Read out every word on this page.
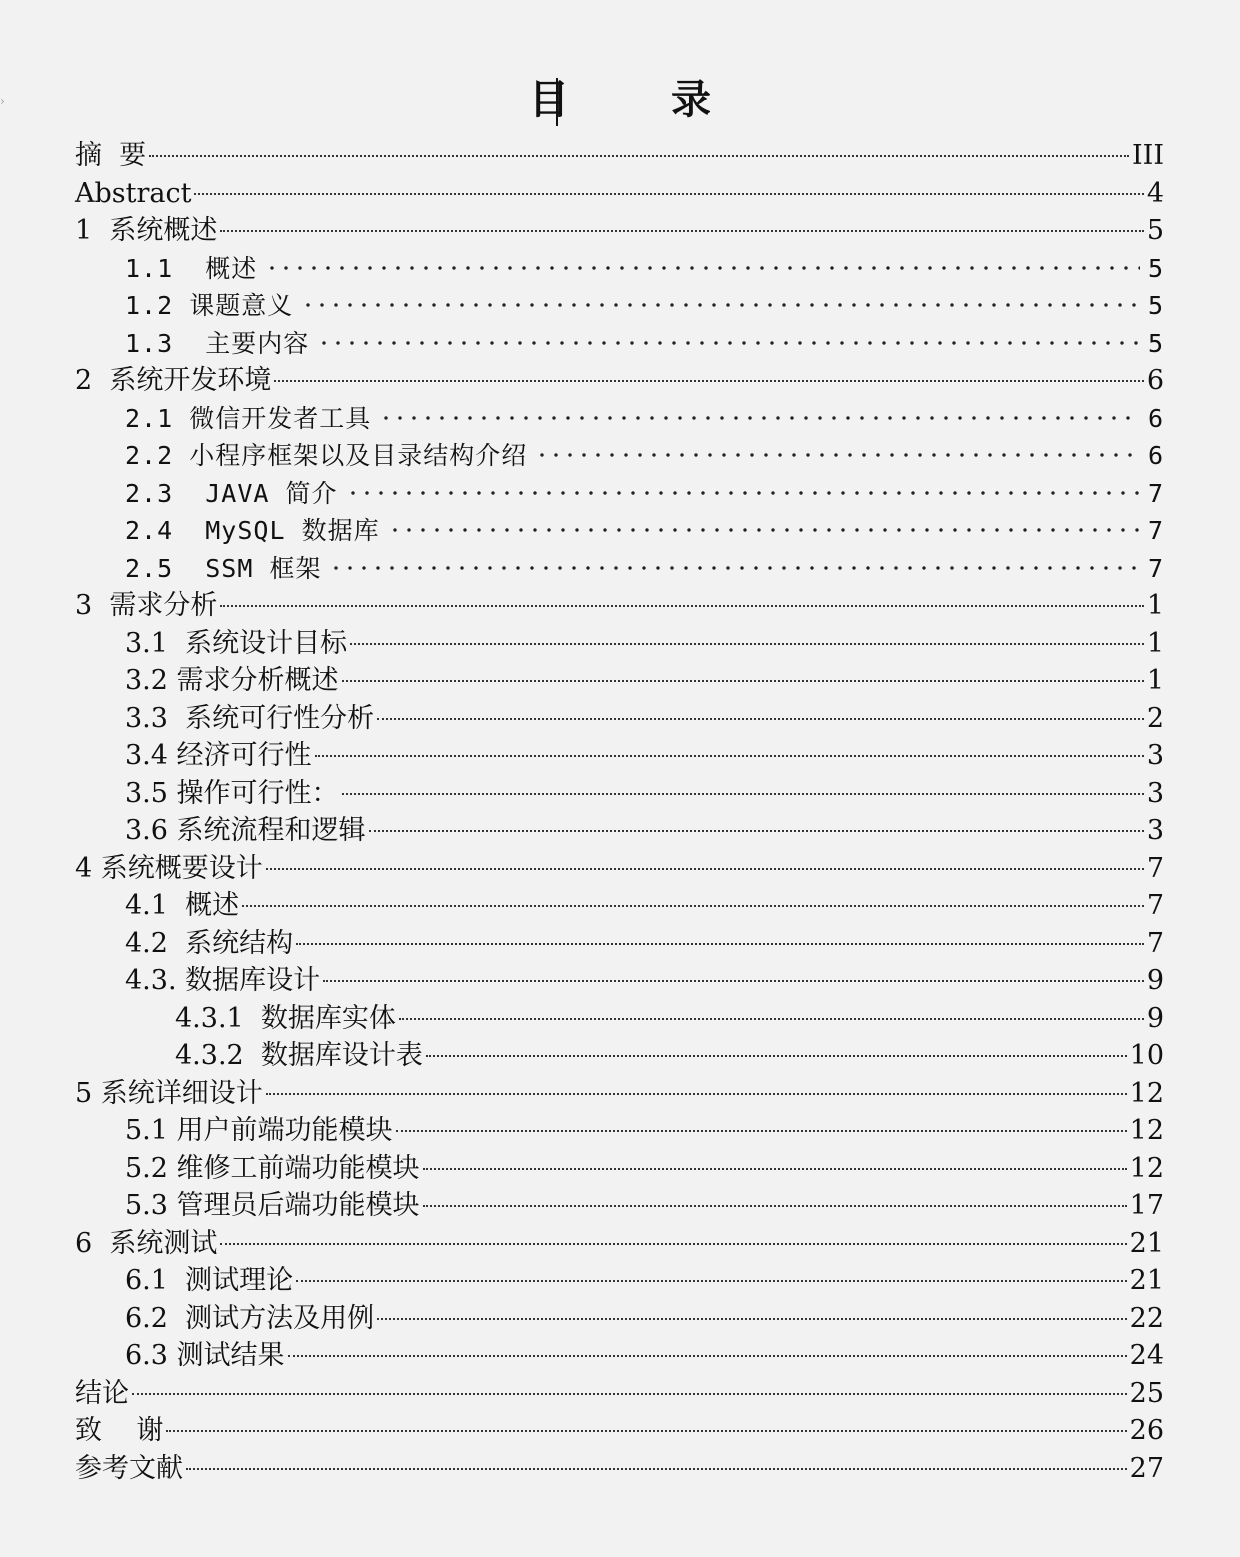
›	目 录
摘  要	III
Abstract	4
1  系统概述	5
1.1  概述	5
1.2 课题意义	5
1.3  主要内容	5
2  系统开发环境	6
2.1 微信开发者工具	6
2.2 小程序框架以及目录结构介绍	6
2.3  JAVA 简介	7
2.4  MySQL 数据库	7
2.5  SSM 框架	7
3  需求分析	1
3.1  系统设计目标	1
3.2 需求分析概述	1
3.3  系统可行性分析	2
3.4 经济可行性	3
3.5 操作可行性：	3
3.6 系统流程和逻辑	3
4 系统概要设计	7
4.1  概述	7
4.2  系统结构	7
4.3. 数据库设计	9
4.3.1  数据库实体	9
4.3.2  数据库设计表	10
5 系统详细设计	12
5.1 用户前端功能模块	12
5.2 维修工前端功能模块	12
5.3 管理员后端功能模块	17
6  系统测试	21
6.1  测试理论	21
6.2  测试方法及用例	22
6.3 测试结果	24
结论	25
致    谢	26
参考文献	27
